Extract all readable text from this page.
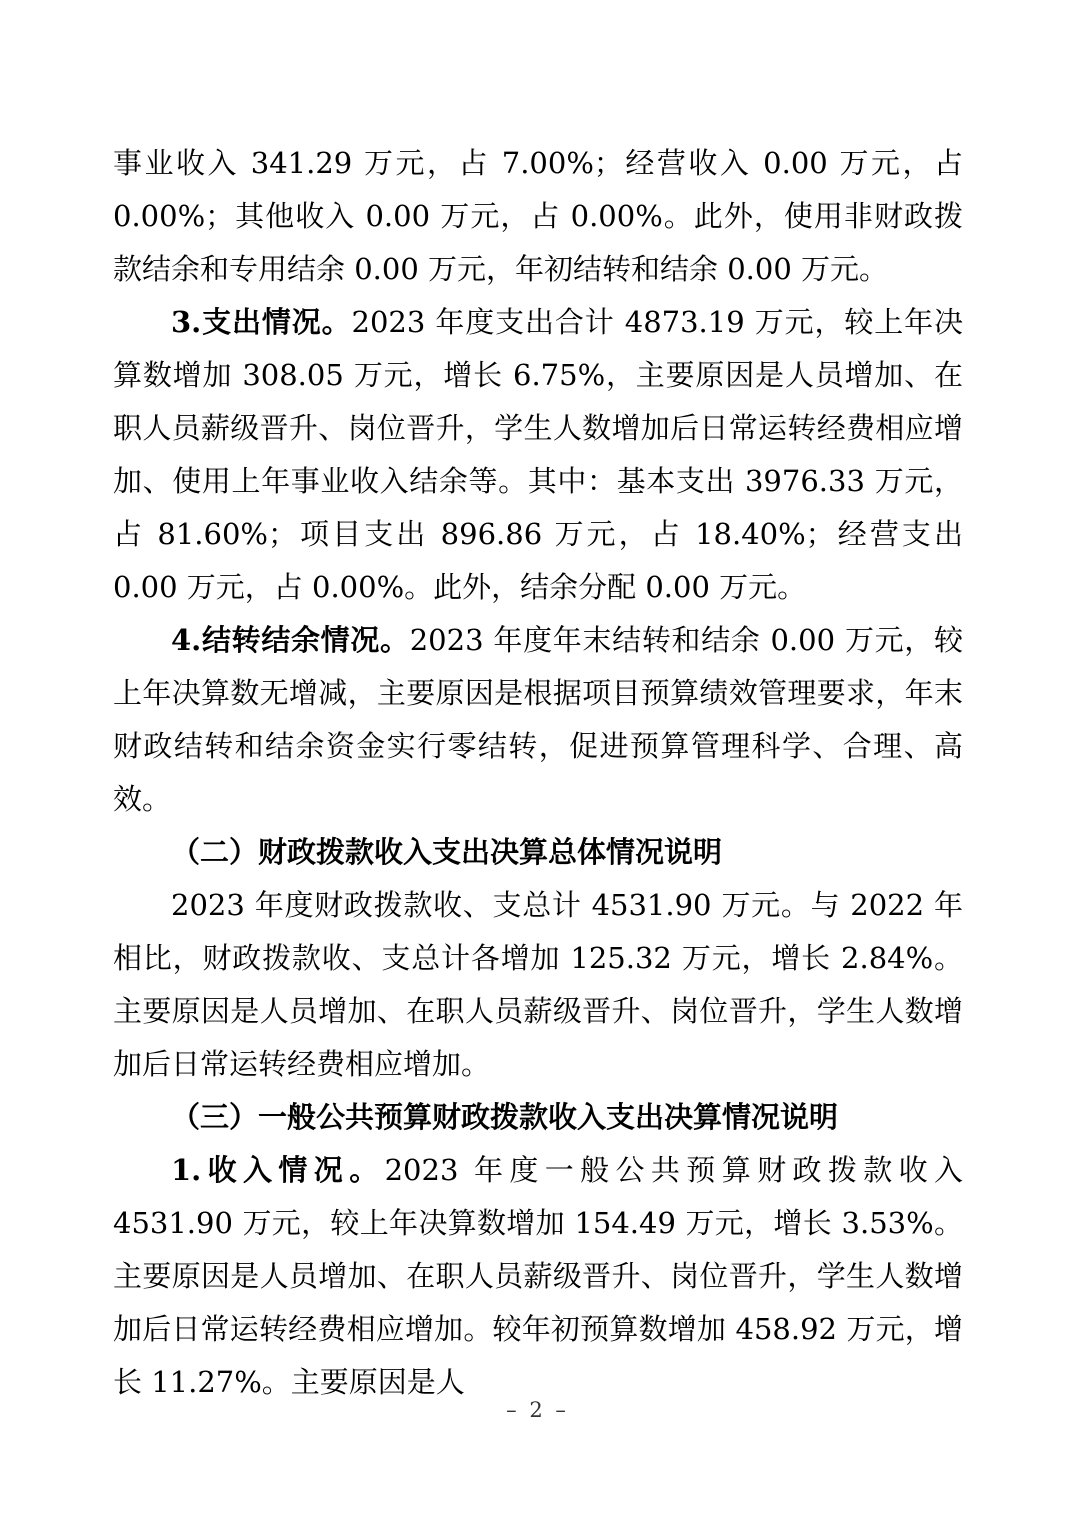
事业收入 341.29 万元，占 7.00%；经营收入 0.00 万元，占 0.00%；其他收入 0.00 万元，占 0.00%。此外，使用非财政拨款结余和专用结余 0.00 万元，年初结转和结余 0.00 万元。

3.支出情况。2023 年度支出合计 4873.19 万元，较上年决算数增加 308.05 万元，增长 6.75%，主要原因是人员增加、在职人员薪级晋升、岗位晋升，学生人数增加后日常运转经费相应增加、使用上年事业收入结余等。其中：基本支出 3976.33 万元，占 81.60%；项目支出 896.86 万元，占 18.40%；经营支出 0.00 万元，占 0.00%。此外，结余分配 0.00 万元。

4.结转结余情况。2023 年度年末结转和结余 0.00 万元，较上年决算数无增减，主要原因是根据项目预算绩效管理要求，年末财政结转和结余资金实行零结转，促进预算管理科学、合理、高效。

（二）财政拨款收入支出决算总体情况说明

2023 年度财政拨款收、支总计 4531.90 万元。与 2022 年相比，财政拨款收、支总计各增加 125.32 万元，增长 2.84%。主要原因是人员增加、在职人员薪级晋升、岗位晋升，学生人数增加后日常运转经费相应增加。

（三）一般公共预算财政拨款收入支出决算情况说明

1.收入情况。2023 年度一般公共预算财政拨款收入 4531.90 万元，较上年决算数增加 154.49 万元，增长 3.53%。主要原因是人员增加、在职人员薪级晋升、岗位晋升，学生人数增加后日常运转经费相应增加。较年初预算数增加 458.92 万元，增长 11.27%。主要原因是人

– 2 –
